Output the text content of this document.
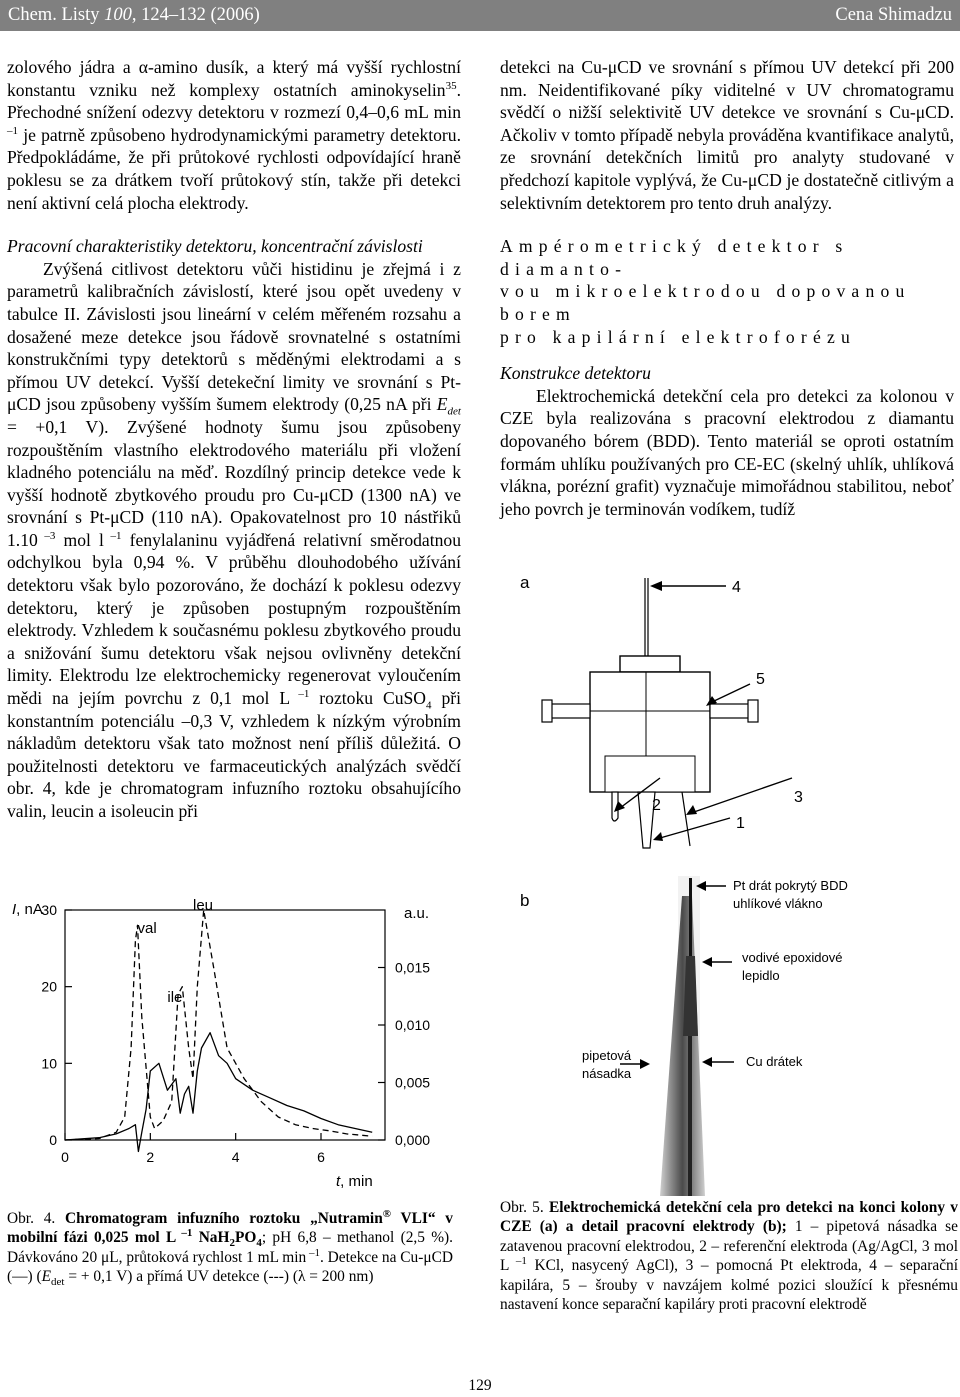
Chem. Listy 100, 124–132 (2006)	Cena Shimadzu

zolového jádra a α-amino dusík, a který má vyšší rychlostní konstantu vzniku než komplexy ostatních aminokyselin$^{35}$. Přechodné snížení odezvy detektoru v rozmezí 0,4–0,6 mL min $^{-1}$ je patrně způsobeno hydrodynamickými parametry detektoru. Předpokládáme, že při průtokové rychlosti odpovídající hraně poklesu se za drátkem tvoří průtokový stín, takže při detekci není aktivní celá plocha elektrody.

Pracovní charakteristiky detektoru, koncentrační závislosti

Zvýšená citlivost detektoru vůči histidinu je zřejmá i z parametrů kalibračních závislostí, které jsou opět uvedeny v tabulce II. Závislosti jsou lineární v celém měřeném rozsahu a dosažené meze detekce jsou řádově srovnatelné s ostatními konstrukčními typy detektorů s měděnými elektrodami a s přímou UV detekcí. Vyšší detekeční limity ve srovnání s Pt-μCD jsou způsobeny vyšším šumem elektrody (0,25 nA při $E_{det} = +0,1$ V). Zvýšené hodnoty šumu jsou způsobeny rozpouštěním vlastního elektrodového materiálu při vložení kladného potenciálu na měď. Rozdílný princip detekce vede k vyšší hodnotě zbytkového proudu pro Cu-μCD (1300 nA) ve srovnání s Pt-μCD (110 nA). Opakovatelnost pro 10 nástřiků 1.10 $^{-3}$ mol l $^{-1}$ fenylalaninu vyjádřená relativní směrodatnou odchylkou byla 0,94 %. V průběhu dlouhodobého užívání detektoru však bylo pozorováno, že dochází k poklesu odezvy detektoru, který je způsoben postupným rozpouštěním elektrody. Vzhledem k současnému poklesu zbytkového proudu a snižování šumu detektoru však nejsou ovlivněny detekční limity. Elektrodu lze elektrochemicky regenerovat vyloučením mědi na jejím povrchu z 0,1 mol L $^{-1}$ roztoku CuSO$_4$ při konstantním potenciálu –0,3 V, vzhledem k nízkým výrobním nákladům detektoru však tato možnost není příliš důležitá. O použitelnosti detektoru ve farmaceutických analýzách svědčí obr. 4, kde je chromatogram infuzního roztoku obsahujícího valin, leucin a isoleucin při

detekci na Cu-μCD ve srovnání s přímou UV detekcí při 200 nm. Neidentifikované píky viditelné v UV chromatogramu svědčí o nižší selektivitě UV detekce ve srovnání s Cu-μCD. Ačkoliv v tomto případě nebyla prováděna kvantifikace analytů, ze srovnání detekčních limitů pro analyty studované v předchozí kapitole vyplývá, že Cu-μCD je dostatečně citlivým a selektivním detektorem pro tento druh analýzy.

Ampérometrický detektor s diamanto-
vou mikroelektrodou dopovanou borem
pro kapilární elektroforézu

Konstrukce detektoru

Elektrochemická detekční cela pro detekci za kolonou v CZE byla realizována s pracovní elektrodou z diamantu dopovaného bórem (BDD). Tento materiál se oproti ostatním formám uhlíku používaných pro CE-EC (skelný uhlík, uhlíková vlákna, porézní grafit) vyznačuje mimořádnou stabilitou, neboť jeho povrch je terminován vodíkem, tudíž

a	4
5
2	3
1
b
Pt drát pokrytý BDD
uhlíkové vlákno
vodivé epoxidové
lepidlo
pipetová
násadka
Cu drátek
0
10
20
30
0,000
0,005
0,010
0,015
0	2	4	6
val
leu
ile
I, nA	a.u.
t, min
Obr. 4. Chromatogram infuzního roztoku „Nutramin® VLI“ v mobilní fázi 0,025 mol L $^{-1}$ $NaH_2PO_4$; pH 6,8 – methanol (2,5 %). Dávkováno 20 μL, průtoková rychlost 1 mL min $^{-1}$. Detekce na Cu-μCD (—) ($E_{det}$ = + 0,1 V) a přímá UV detekce (---) (λ = 200 nm)
Obr. 5. Elektrochemická detekční cela pro detekci na konci kolony v CZE (a) a detail pracovní elektrody (b); 1 – pipetová násadka se zatavenou pracovní elektrodou, 2 – referenční elektroda (Ag/AgCl, 3 mol L $^{-1}$ KCl, nasycený AgCl), 3 – pomocná Pt elektroda, 4 – separační kapilára, 5 – šrouby v navzájem kolmé pozici sloužící k přesnému nastavení konce separační kapiláry proti pracovní elektrodě
129
